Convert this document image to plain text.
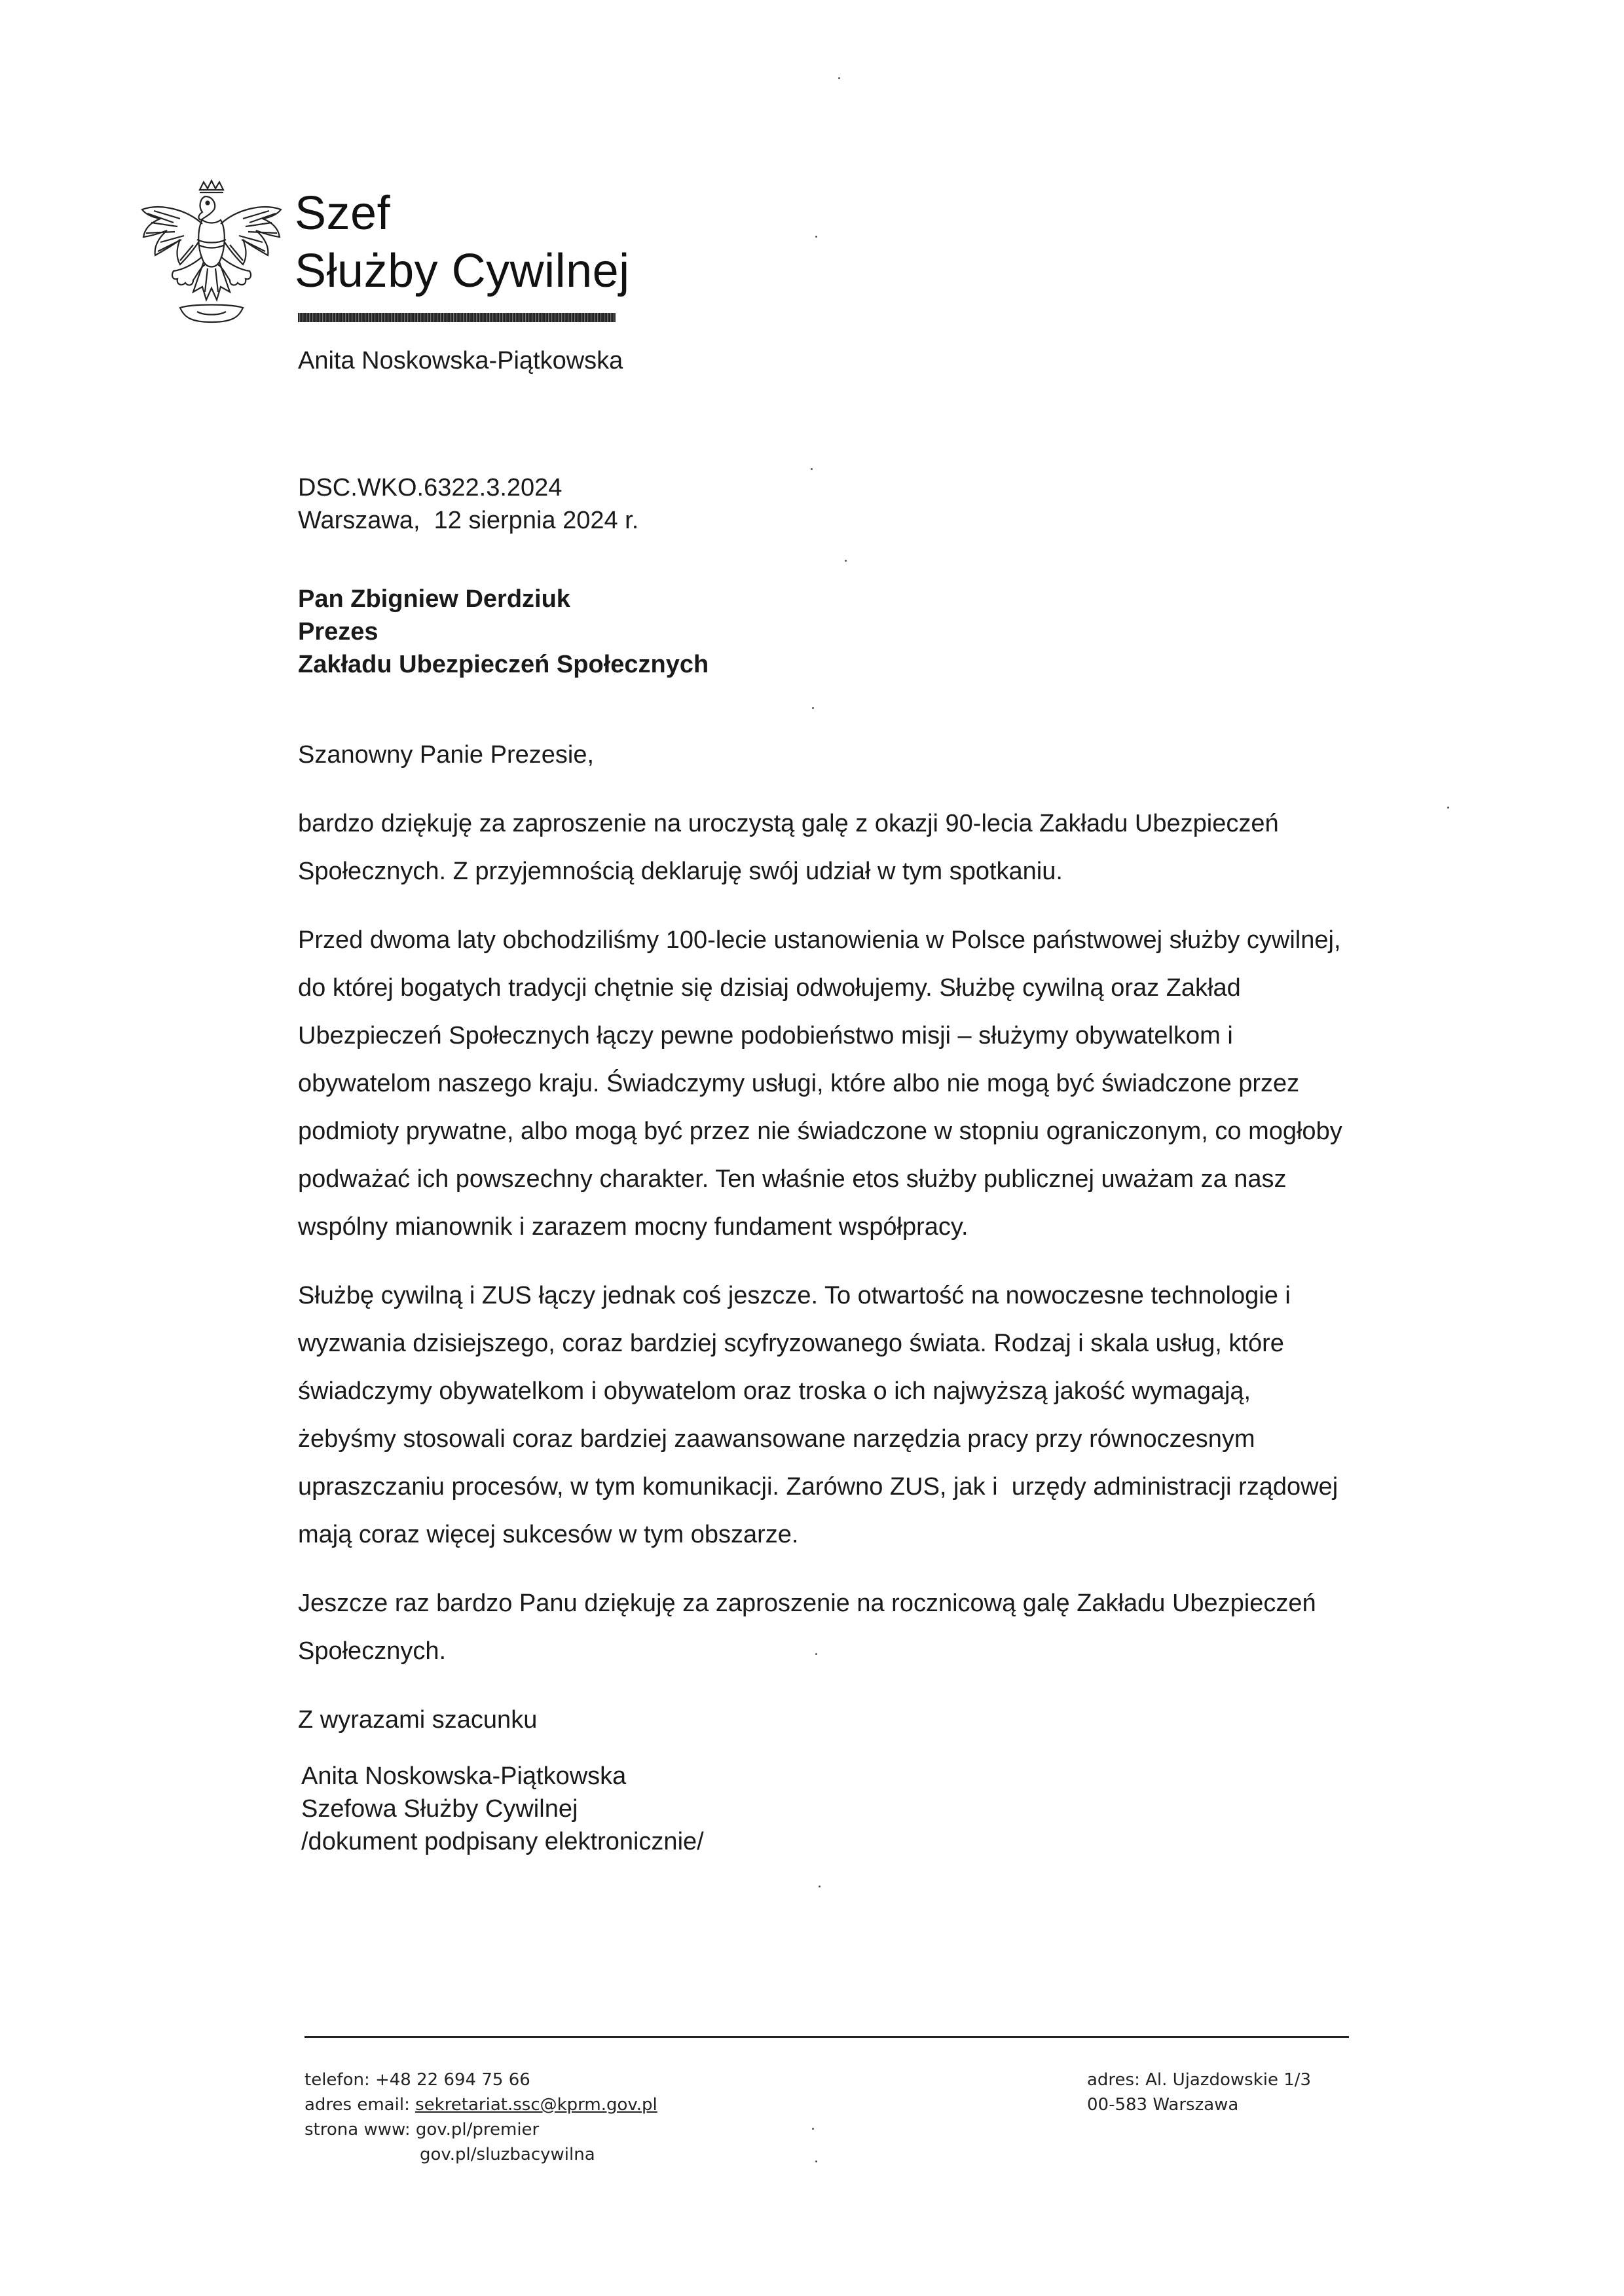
Szef
Służby Cywilnej
Anita Noskowska-Piątkowska
DSC.WKO.6322.3.2024
Warszawa,  12 sierpnia 2024 r.
Pan Zbigniew Derdziuk
Prezes
Zakładu Ubezpieczeń Społecznych
Szanowny Panie Prezesie,

bardzo dziękuję za zaproszenie na uroczystą galę z okazji 90-lecia Zakładu Ubezpieczeń Społecznych. Z przyjemnością deklaruję swój udział w tym spotkaniu.

Przed dwoma laty obchodziliśmy 100-lecie ustanowienia w Polsce państwowej służby cywilnej, do której bogatych tradycji chętnie się dzisiaj odwołujemy. Służbę cywilną oraz Zakład Ubezpieczeń Społecznych łączy pewne podobieństwo misji – służymy obywatelkom i obywatelom naszego kraju. Świadczymy usługi, które albo nie mogą być świadczone przez podmioty prywatne, albo mogą być przez nie świadczone w stopniu ograniczonym, co mogłoby podważać ich powszechny charakter. Ten właśnie etos służby publicznej uważam za nasz wspólny mianownik i zarazem mocny fundament współpracy.

Służbę cywilną i ZUS łączy jednak coś jeszcze. To otwartość na nowoczesne technologie i wyzwania dzisiejszego, coraz bardziej scyfryzowanego świata. Rodzaj i skala usług, które świadczymy obywatelkom i obywatelom oraz troska o ich najwyższą jakość wymagają, żebyśmy stosowali coraz bardziej zaawansowane narzędzia pracy przy równoczesnym upraszczaniu procesów, w tym komunikacji. Zarówno ZUS, jak i  urzędy administracji rządowej mają coraz więcej sukcesów w tym obszarze.

Jeszcze raz bardzo Panu dziękuję za zaproszenie na rocznicową galę Zakładu Ubezpieczeń Społecznych.

Z wyrazami szacunku

Anita Noskowska-Piątkowska
Szefowa Służby Cywilnej
/dokument podpisany elektronicznie/
telefon: +48 22 694 75 66
adres email: sekretariat.ssc@kprm.gov.pl
strona www: gov.pl/premier
gov.pl/sluzbacywilna
adres: Al. Ujazdowskie 1/3
00-583 Warszawa
